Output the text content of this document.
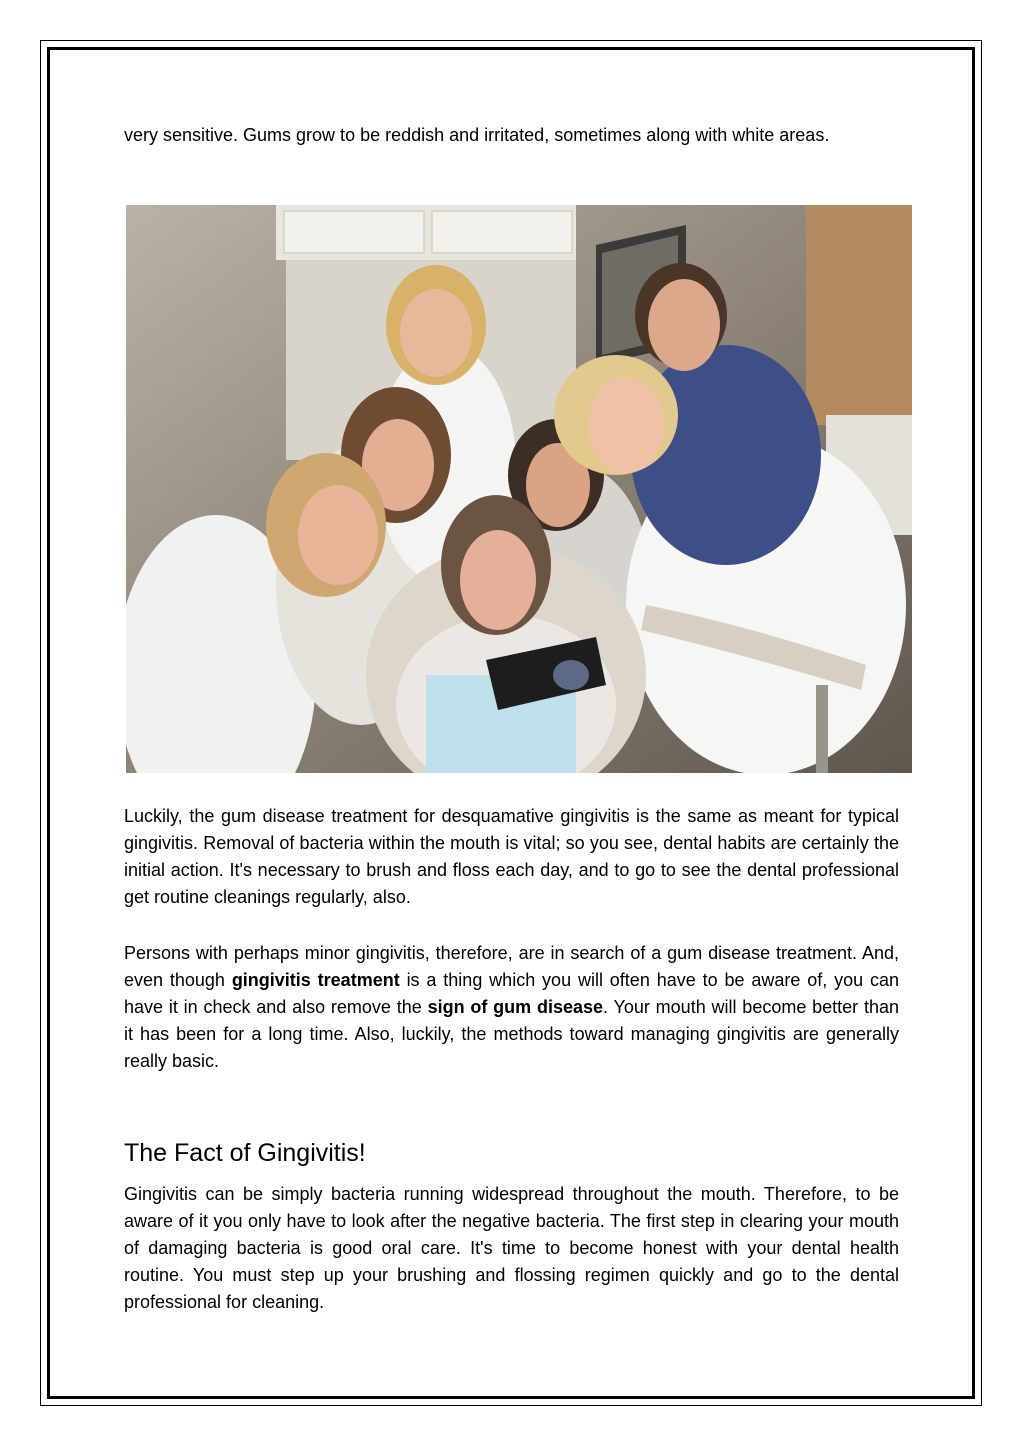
very sensitive. Gums grow to be reddish and irritated, sometimes along with white areas.

Luckily, the gum disease treatment for desquamative gingivitis is the same as meant for typical gingivitis. Removal of bacteria within the mouth is vital; so you see, dental habits are certainly the initial action. It's necessary to brush and floss each day, and to go to see the dental professional get routine cleanings regularly, also.

Persons with perhaps minor gingivitis, therefore, are in search of a gum disease treatment. And, even though gingivitis treatment is a thing which you will often have to be aware of, you can have it in check and also remove the sign of gum disease. Your mouth will become better than it has been for a long time. Also, luckily, the methods toward managing gingivitis are generally really basic.

The Fact of Gingivitis!

Gingivitis can be simply bacteria running widespread throughout the mouth. Therefore, to be aware of it you only have to look after the negative bacteria. The first step in clearing your mouth of damaging bacteria is good oral care. It's time to become honest with your dental health routine. You must step up your brushing and flossing regimen quickly and go to the dental professional for cleaning.
